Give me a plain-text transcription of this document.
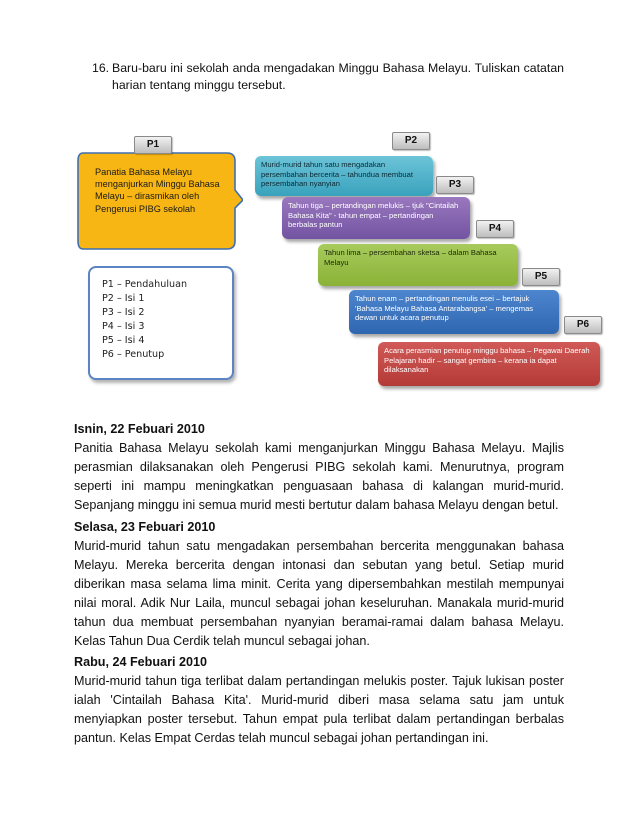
16. Baru-baru ini sekolah anda mengadakan Minggu Bahasa Melayu. Tuliskan catatan harian tentang minggu tersebut.
P1
Panatia Bahasa Melayu menganjurkan Minggu Bahasa Melayu – dirasmikan oleh Pengerusi PIBG sekolah
P2
Murid-murid tahun satu mengadakan persembahan bercerita – tahundua membuat persembahan nyanyian	P3
Tahun tiga – pertandingan melukis – tjuk "Cintailah Bahasa Kita" - tahun empat – pertandingan berbalas pantun	P4
Tahun lima – persembahan sketsa – dalam Bahasa Melayu
P5
Tahun enam – pertandingan menulis esei – bertajuk 'Bahasa Melayu Bahasa Antarabangsa' – mengemas dewan untuk acara penutup
P6
Acara perasmian penutup minggu bahasa – Pegawai Daerah Pelajaran hadir – sangat gembira – kerana ia dapat dilaksanakan
P1 – Pendahuluan
P2 – Isi 1
P3 – Isi 2
P4 – Isi 3
P5 – Isi 4
P6 – Penutup

Isnin, 22 Febuari 2010

Panitia Bahasa Melayu sekolah kami menganjurkan Minggu Bahasa Melayu. Majlis perasmian dilaksanakan oleh Pengerusi PIBG sekolah kami. Menurutnya, program seperti ini mampu meningkatkan penguasaan bahasa di kalangan murid-murid. Sepanjang minggu ini semua murid mesti bertutur dalam bahasa Melayu dengan betul.

Selasa, 23 Febuari 2010

Murid-murid tahun satu mengadakan persembahan bercerita menggunakan bahasa Melayu. Mereka bercerita dengan intonasi dan sebutan yang betul. Setiap murid diberikan masa selama lima minit. Cerita yang dipersembahkan mestilah mempunyai nilai moral. Adik Nur Laila, muncul sebagai johan keseluruhan. Manakala murid-murid tahun dua membuat persembahan nyanyian beramai-ramai dalam bahasa Melayu. Kelas Tahun Dua Cerdik telah muncul sebagai johan.

Rabu, 24 Febuari 2010

Murid-murid tahun tiga terlibat dalam pertandingan melukis poster. Tajuk lukisan poster ialah 'Cintailah Bahasa Kita'. Murid-murid diberi masa selama satu jam untuk menyiapkan poster tersebut. Tahun empat pula terlibat dalam pertandingan berbalas pantun. Kelas Empat Cerdas telah muncul sebagai johan pertandingan ini.
